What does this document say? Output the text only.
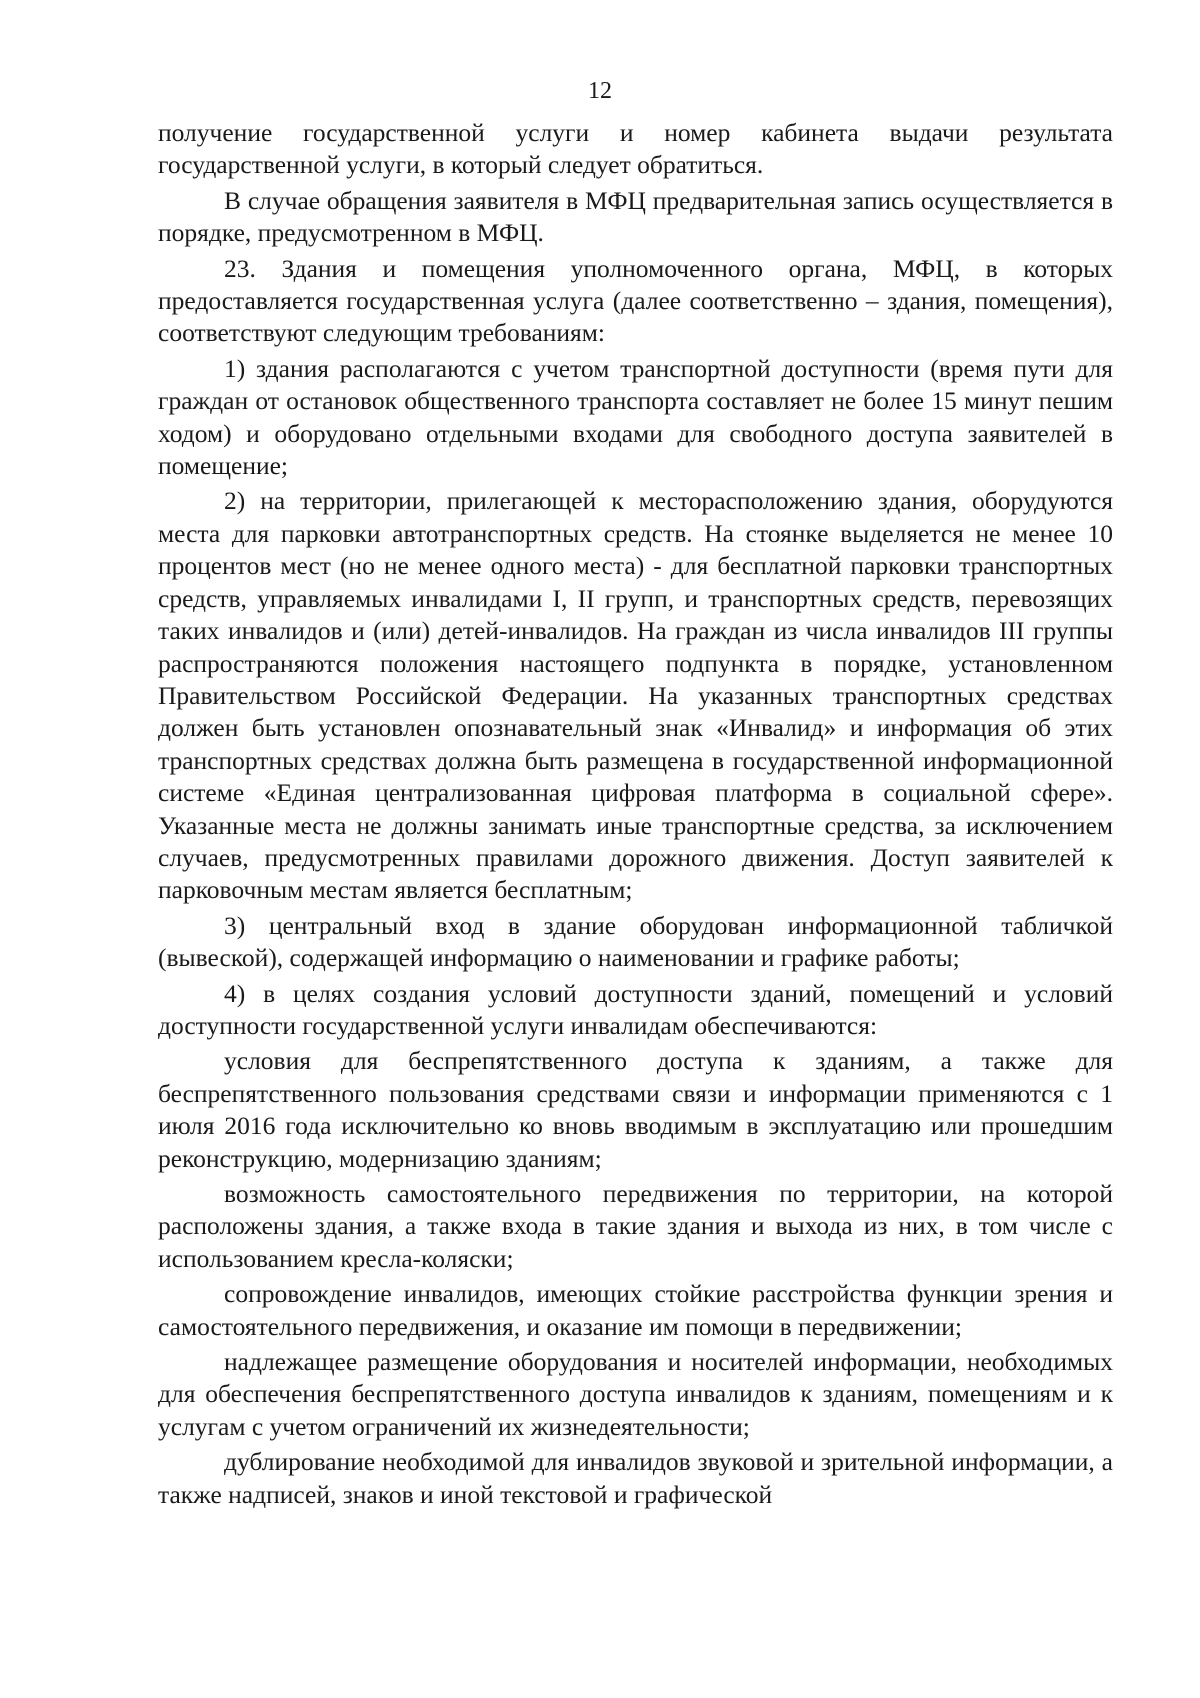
12

получение государственной услуги и номер кабинета выдачи результата государственной услуги, в который следует обратиться.

В случае обращения заявителя в МФЦ предварительная запись осуществляется в порядке, предусмотренном в МФЦ.

23. Здания и помещения уполномоченного органа, МФЦ, в которых предоставляется государственная услуга (далее соответственно – здания, помещения), соответствуют следующим требованиям:

1) здания располагаются с учетом транспортной доступности (время пути для граждан от остановок общественного транспорта составляет не более 15 минут пешим ходом) и оборудовано отдельными входами для свободного доступа заявителей в помещение;

2) на территории, прилегающей к месторасположению здания, оборудуются места для парковки автотранспортных средств. На стоянке выделяется не менее 10 процентов мест (но не менее одного места) - для бесплатной парковки транспортных средств, управляемых инвалидами I, II групп, и транспортных средств, перевозящих таких инвалидов и (или) детей-инвалидов. На граждан из числа инвалидов III группы распространяются положения настоящего подпункта в порядке, установленном Правительством Российской Федерации. На указанных транспортных средствах должен быть установлен опознавательный знак «Инвалид» и информация об этих транспортных средствах должна быть размещена в государственной информационной системе «Единая централизованная цифровая платформа в социальной сфере». Указанные места не должны занимать иные транспортные средства, за исключением случаев, предусмотренных правилами дорожного движения. Доступ заявителей к парковочным местам является бесплатным;

3) центральный вход в здание оборудован информационной табличкой (вывеской), содержащей информацию о наименовании и графике работы;

4) в целях создания условий доступности зданий, помещений и условий доступности государственной услуги инвалидам обеспечиваются:

условия для беспрепятственного доступа к зданиям, а также для беспрепятственного пользования средствами связи и информации применяются с 1 июля 2016 года исключительно ко вновь вводимым в эксплуатацию или прошедшим реконструкцию, модернизацию зданиям;

возможность самостоятельного передвижения по территории, на которой расположены здания, а также входа в такие здания и выхода из них, в том числе с использованием кресла-коляски;

сопровождение инвалидов, имеющих стойкие расстройства функции зрения и самостоятельного передвижения, и оказание им помощи в передвижении;

надлежащее размещение оборудования и носителей информации, необходимых для обеспечения беспрепятственного доступа инвалидов к зданиям, помещениям и к услугам с учетом ограничений их жизнедеятельности;

дублирование необходимой для инвалидов звуковой и зрительной информации, а также надписей, знаков и иной текстовой и графической
